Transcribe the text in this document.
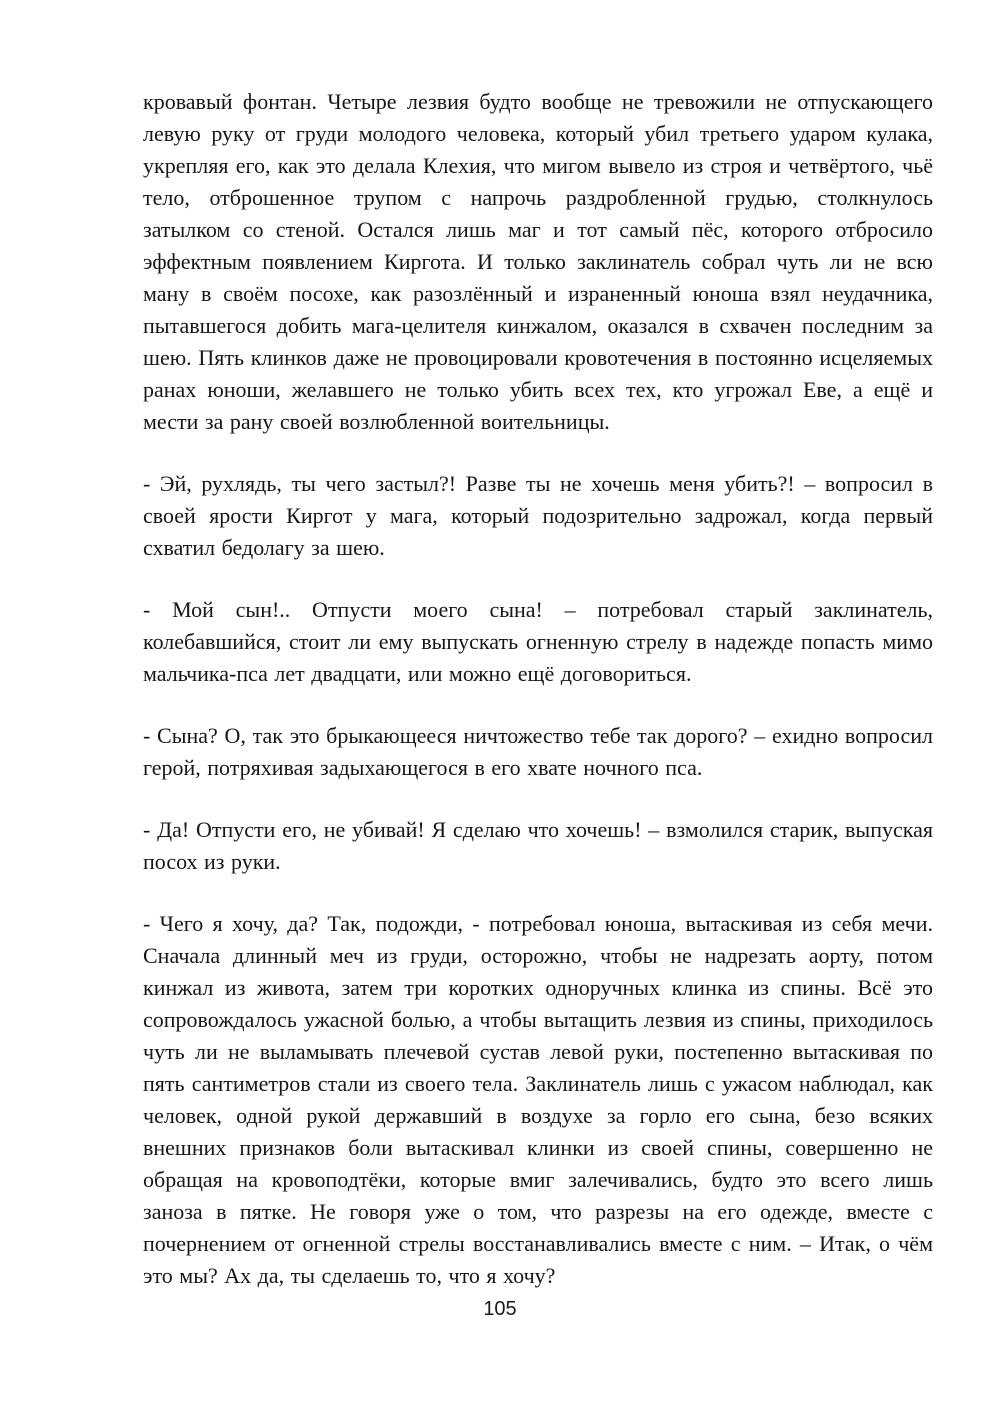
кровавый фонтан. Четыре лезвия будто вообще не тревожили не отпускающего левую руку от груди молодого человека, который убил третьего ударом кулака, укрепляя его, как это делала Клехия, что мигом вывело из строя и четвёртого, чьё тело, отброшенное трупом с напрочь раздробленной грудью, столкнулось затылком со стеной. Остался лишь маг и тот самый пёс, которого отбросило эффектным появлением Киргота. И только заклинатель собрал чуть ли не всю ману в своём посохе, как разозлённый и израненный юноша взял неудачника, пытавшегося добить мага-целителя кинжалом, оказался в схвачен последним за шею. Пять клинков даже не провоцировали кровотечения в постоянно исцеляемых ранах юноши, желавшего не только убить всех тех, кто угрожал Еве, а ещё и мести за рану своей возлюбленной воительницы.

- Эй, рухлядь, ты чего застыл?! Разве ты не хочешь меня убить?! – вопросил в своей ярости Киргот у мага, который подозрительно задрожал, когда первый схватил бедолагу за шею.

- Мой сын!.. Отпусти моего сына! – потребовал старый заклинатель, колебавшийся, стоит ли ему выпускать огненную стрелу в надежде попасть мимо мальчика-пса лет двадцати, или можно ещё договориться.

- Сына? О, так это брыкающееся ничтожество тебе так дорого? – ехидно вопросил герой, потряхивая задыхающегося в его хвате ночного пса.

- Да! Отпусти его, не убивай! Я сделаю что хочешь! – взмолился старик, выпуская посох из руки.

- Чего я хочу, да? Так, подожди, - потребовал юноша, вытаскивая из себя мечи. Сначала длинный меч из груди, осторожно, чтобы не надрезать аорту, потом кинжал из живота, затем три коротких одноручных клинка из спины. Всё это сопровождалось ужасной болью, а чтобы вытащить лезвия из спины, приходилось чуть ли не выламывать плечевой сустав левой руки, постепенно вытаскивая по пять сантиметров стали из своего тела. Заклинатель лишь с ужасом наблюдал, как человек, одной рукой державший в воздухе за горло его сына, безо всяких внешних признаков боли вытаскивал клинки из своей спины, совершенно не обращая на кровоподтёки, которые вмиг залечивались, будто это всего лишь заноза в пятке. Не говоря уже о том, что разрезы на его одежде, вместе с почернением от огненной стрелы восстанавливались вместе с ним. – Итак, о чём это мы? Ах да, ты сделаешь то, что я хочу?

105
